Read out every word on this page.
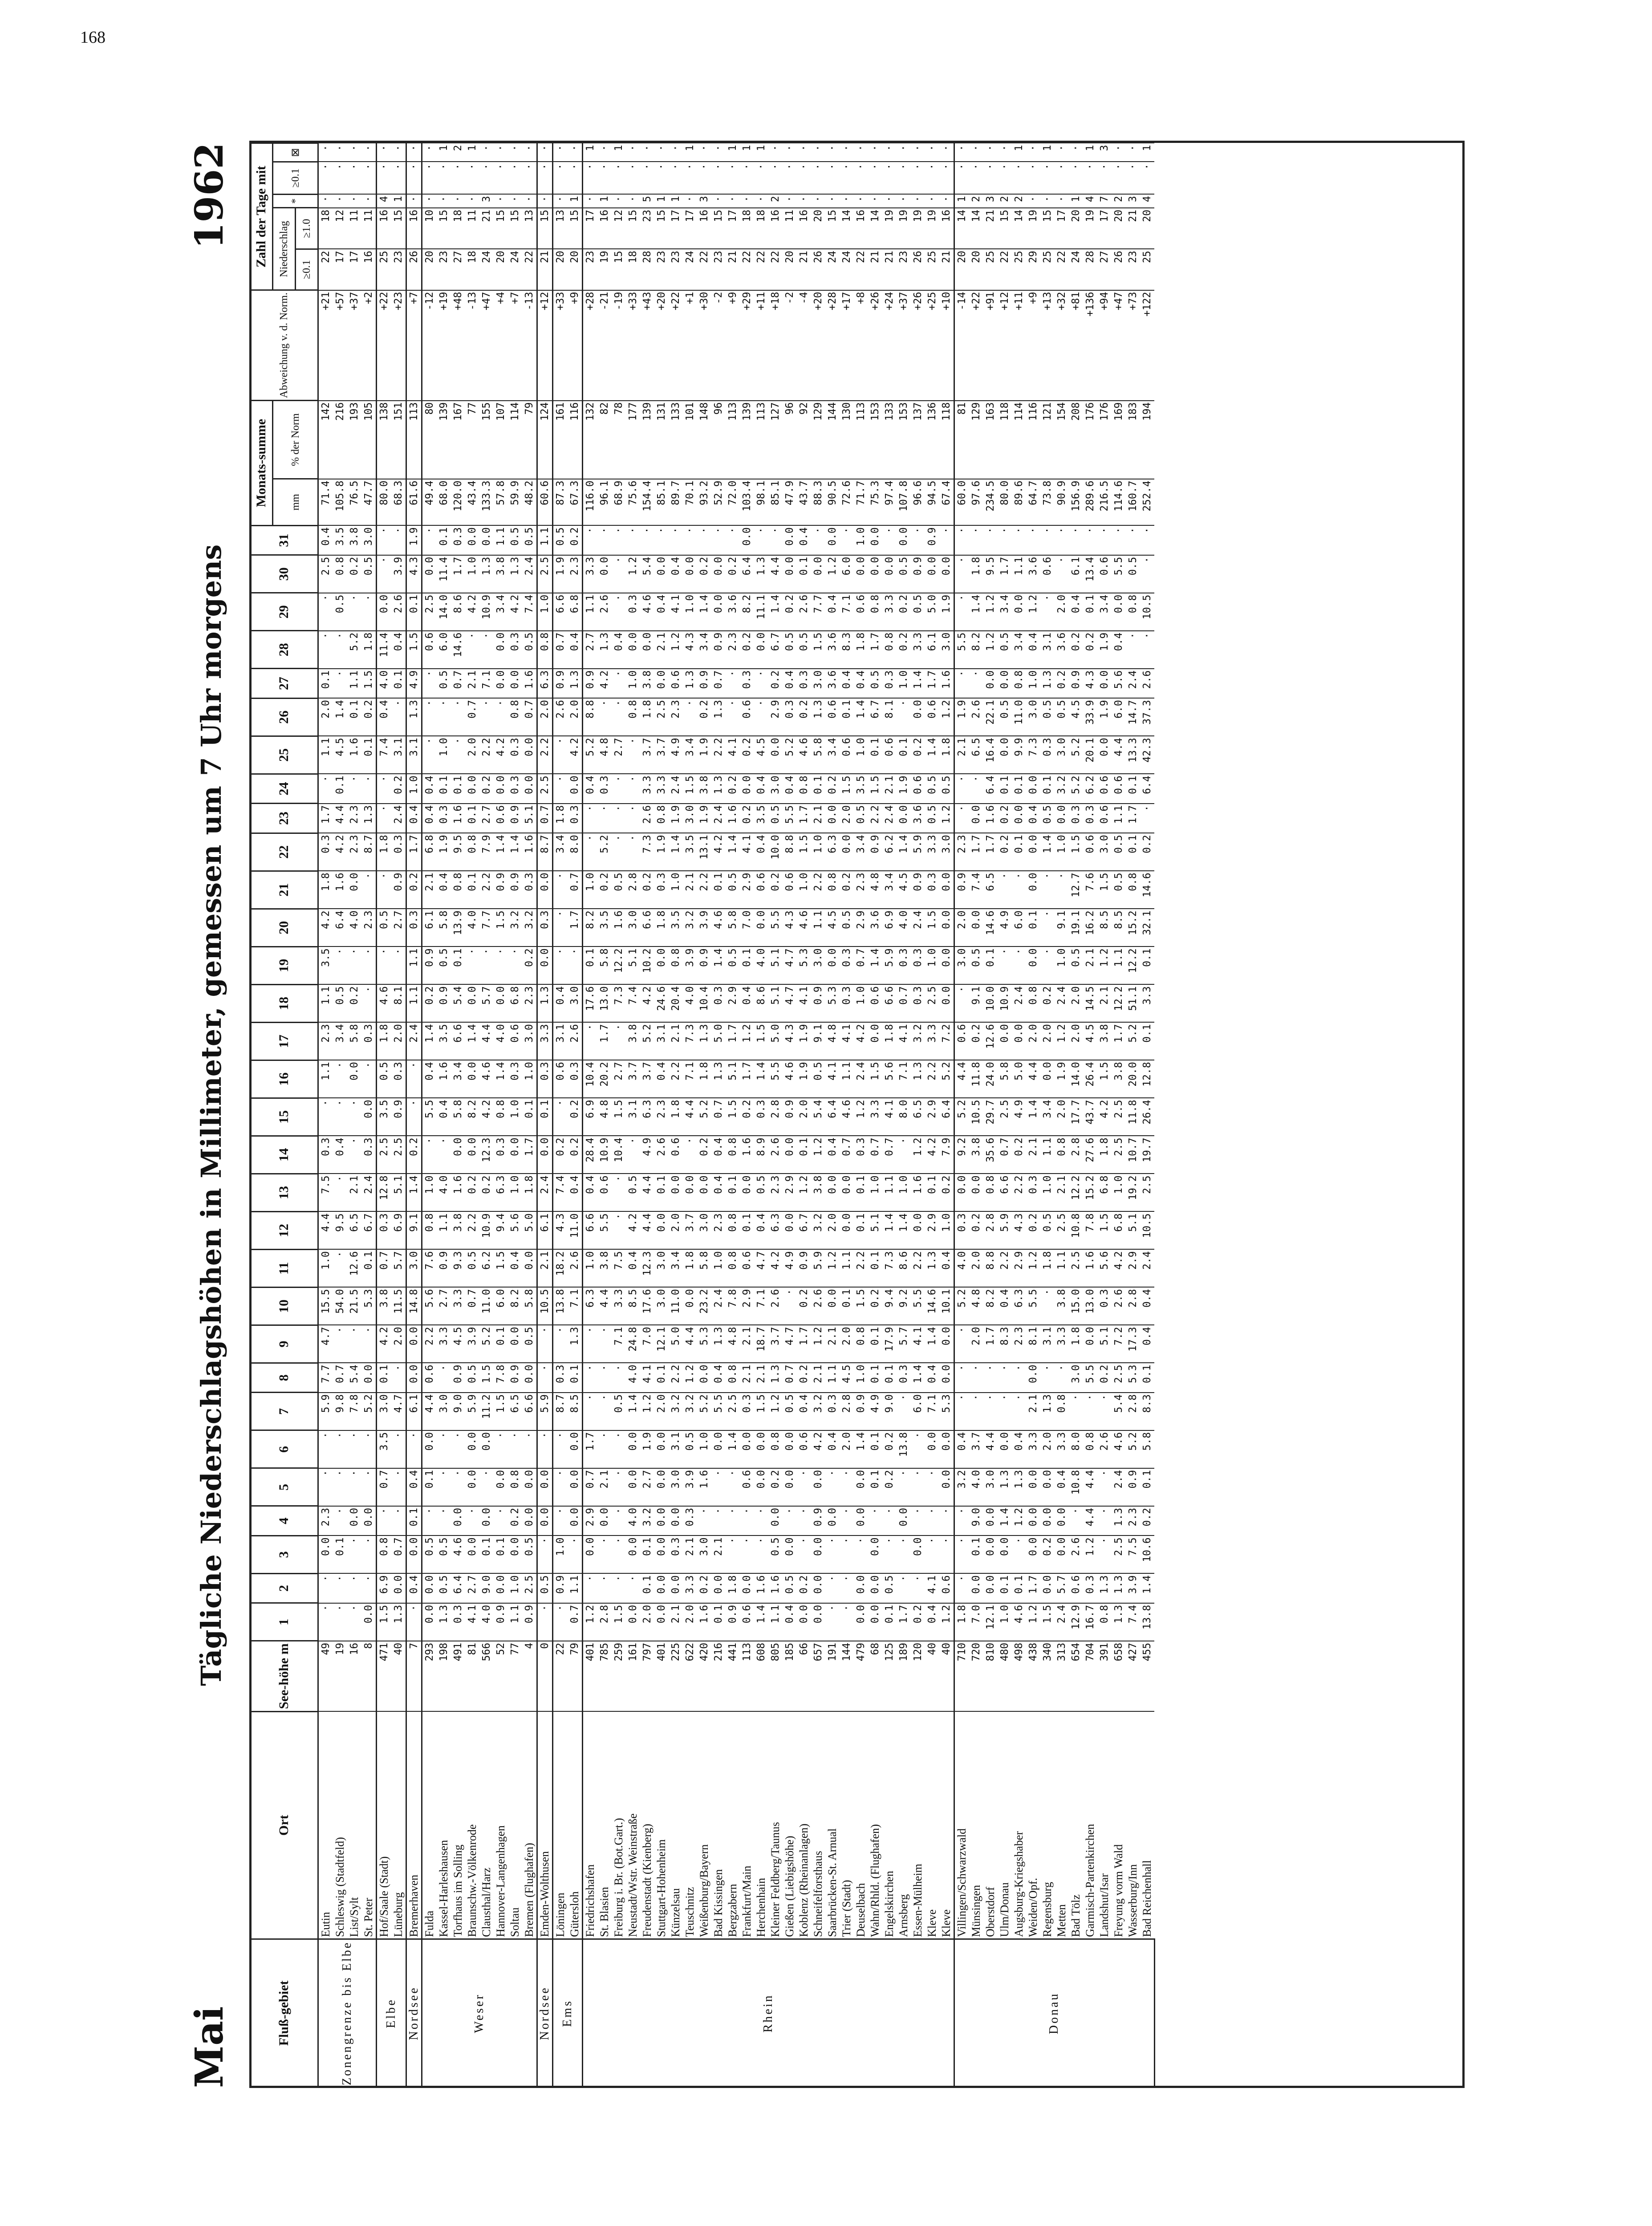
168
Mai
Tägliche Niederschlagshöhen in Millimeter, gemessen um 7 Uhr morgens
1962
Fluß-gebiet	Ort	See-höhe m	1	2	3	4	5	6	7	8	9	10	11	12	13	14	15	16	17	18	19	20	21	22	23	24	25	26	27	28	29	30	31	Monats-summe		Abweichung v. d. Norm.	Zahl der Tage mit				
																																		mm	% der Norm		Niederschlag		*	≥0.1	⊠
																																					≥0.1	≥1.0			
Zonengrenze bis Elbe	Eutin	49	·	·	0.0	2.3	·	·	5.9	7.7	4.7	15.5	1.0	4.4	7.5	0.3	·	1.1	2.3	1.1	3.5	4.2	1.8	0.3	1.7	·	1.1	2.0	0.1	·	·	2.5	0.4	71.4	142	+21	22	18	·	·	·
	Schleswig (Stadtfeld)	19	·	·	0.1	·	·	·	9.8	0.7	·	54.0	·	9.5	·	0.4	·	·	3.4	0.5	·	6.4	1.6	4.2	4.4	0.1	4.5	1.4	·	·	0.5	0.8	3.5	105.8	216	+57	17	12	·	·	·
	List/Sylt	16	·	·	·	0.0	·	·	7.8	5.4	·	21.5	12.6	6.5	2.1	·	·	0.0	5.8	0.2	·	4.0	0.0	2.3	2.3	·	1.6	0.1	1.1	5.2	·	0.2	3.8	76.5	193	+37	17	11	·	·	·
	St. Peter	8	0.0	·	·	0.0	·	·	5.2	0.0	·	5.3	0.1	6.7	2.4	0.3	0.0	·	0.3	·	·	2.3	·	8.7	1.3	·	0.1	0.2	1.5	1.8	·	0.5	3.0	47.7	105	+2	16	11	·	·	·
Elbe	Hof/Saale (Stadt)	471	1.5	6.9	0.8	·	0.7	3.5	3.0	0.1	4.2	3.8	0.7	0.3	12.8	2.5	3.5	0.5	1.8	4.6	·	0.5	·	1.8	·	·	7.4	0.4	4.0	11.4	0.0	·	·	80.0	138	+22	25	16	4	·	·
	Lüneburg	40	1.3	0.0	0.7	·	·	·	4.7	·	2.0	11.5	5.7	6.9	5.1	2.5	0.9	0.3	2.0	8.1	·	2.7	0.9	0.3	2.4	0.2	3.1	·	0.1	0.4	2.6	3.9	·	68.3	151	+23	23	15	1	·	·
Nordsee	Bremerhaven	7	·	0.4	0.0	0.1	0.4	·	6.1	0.0	0.0	14.8	3.0	9.1	1.4	0.2	·	·	2.4	1.1	1.1	0.3	0.2	1.7	0.4	1.0	3.1	1.3	4.9	1.5	0.1	4.3	1.9	61.6	113	+7	26	16	·	·	·
Weser	Fulda	293	0.0	0.0	0.5	·	0.1	0.0	4.4	0.6	2.2	5.6	7.6	0.8	1.0	·	5.5	0.4	1.4	0.2	0.9	6.1	2.1	6.8	0.4	0.4	·	·	·	0.6	2.5	0.0	·	49.4	80	-12	20	10	·	·	·
	Kassel-Harleshausen	198	1.3	0.5	0.5	·	·	·	3.0	·	3.3	2.7	0.9	1.1	4.0	·	0.4	1.6	3.5	0.9	0.5	5.8	0.4	1.9	0.3	0.1	1.0	·	0.5	6.0	14.0	11.4	0.1	68.0	139	+19	23	15	·	·	1
	Torfhaus im Solling	491	0.3	6.4	4.6	0.0	·	·	9.0	0.9	4.5	3.3	9.3	3.8	1.6	0.0	5.8	3.4	6.6	5.4	0.1	13.9	0.8	9.5	1.6	0.1	·	·	0.7	14.6	8.6	1.7	0.3	120.0	167	+48	27	18	·	·	2
	Braunschw.-Völkenrode	81	4.1	2.7	0.0	·	0.0	0.0	5.9	0.5	3.9	0.7	0.5	2.2	0.2	0.0	8.2	0.0	1.4	0.0	·	4.0	0.1	0.8	0.1	0.0	2.0	0.7	2.1	·	4.2	1.0	0.0	43.4	77	-13	18	11	·	·	1
	Clausthal/Harz	566	4.0	9.0	0.1	0.0	·	0.0	11.2	1.5	5.2	11.0	6.2	10.9	0.2	12.3	4.2	4.6	4.4	5.7	·	7.7	2.2	7.9	2.7	0.2	2.2	·	7.1	·	10.9	1.3	0.0	133.3	155	+47	24	21	3	·	·
	Hannover-Langenhagen	52	0.9	0.0	0.1	·	0.0	·	1.5	7.8	0.1	6.0	1.5	9.4	6.3	0.3	0.8	1.4	4.0	0.0	·	1.5	0.9	1.4	0.6	0.0	4.2	·	0.0	0.0	3.4	3.8	1.1	57.8	107	+4	20	15	·	·	·
	Soltau	77	1.1	1.0	0.0	0.2	0.8	·	6.5	0.9	0.0	8.2	0.4	5.6	1.0	0.0	1.0	0.3	0.6	6.8	·	3.2	0.9	1.4	0.9	0.3	0.3	0.8	0.0	0.3	4.2	1.3	0.5	59.9	114	+7	24	15	·	·	·
	Bremen (Flughafen)	4	0.9	2.5	0.5	0.0	0.0	·	6.6	0.0	0.5	5.8	0.0	5.0	1.8	1.7	0.1	1.0	3.0	2.3	0.2	3.2	0.3	1.6	5.1	0.0	0.0	0.7	1.6	0.5	7.4	2.4	0.5	48.2	79	-13	22	13	·	·	·
Nordsee	Emden-Wolthusen	0	·	0.5	·	0.0	0.0	·	5.9	·	·	10.5	2.1	6.1	2.4	0.0	0.1	0.3	3.3	1.3	0.0	0.3	0.0	8.7	0.7	2.5	2.2	2.0	6.3	0.8	1.0	2.5	1.1	60.6	124	+12	21	15	·	·	·
Ems	Löningen	22	·	0.9	1.0	·	·	·	8.7	0.3	·	13.8	18.2	4.3	7.4	0.2	·	0.6	3.1	0.4	·	·	·	3.4	1.8	·	·	2.6	0.9	0.7	6.6	1.9	0.5	87.3	161	+33	20	13	·	·	·
	Gütersloh	79	0.7	1.1	·	0.0	0.0	0.0	8.5	0.1	1.3	7.1	2.6	11.0	0.4	0.2	0.2	0.3	2.6	3.0	·	1.7	0.7	8.0	0.3	0.0	4.2	2.0	1.3	0.4	6.8	2.3	0.2	67.3	116	+9	20	15	1	·	·
Rhein	Friedrichshafen	401	1.2	·	0.0	2.9	0.7	1.7	·	·	·	6.3	1.0	6.6	0.4	28.4	6.9	10.4	·	17.6	0.1	8.2	1.0	·	·	0.4	5.2	8.8	0.9	2.7	1.1	3.3	·	116.0	132	+28	23	17	·	·	1
	St. Blasien	785	2.8	·	·	0.0	2.1	·	·	·	·	4.4	3.8	5.5	0.6	10.9	4.8	20.2	1.7	13.0	5.8	3.5	0.2	5.2	·	0.3	4.8	·	4.2	1.3	2.6	0.0	·	96.1	82	-21	19	16	1	·	·
	Freiburg i. Br. (Bot.Gart.)	259	1.5	·	·	·	·	·	0.5	·	7.1	3.3	7.5	·	·	10.4	1.5	2.7	·	7.3	12.2	1.6	0.5	·	·	·	2.7	·	·	0.4	·	·	·	68.9	78	-19	15	12	·	·	1
	Neustadt/Wstr. Weinstraße	161	0.0	·	0.0	4.0	0.0	0.0	1.4	4.0	24.8	8.5	0.4	4.2	0.5	·	3.1	3.7	3.8	7.4	5.1	3.0	2.8	·	·	·	·	0.8	1.0	0.0	0.3	1.2	·	75.6	177	+33	18	15	·	·	·
	Freudenstadt (Kienberg)	797	2.0	0.1	0.1	3.2	2.7	1.9	1.2	4.1	7.0	17.6	12.3	4.4	4.4	4.9	6.3	3.7	5.2	4.2	10.2	6.6	0.2	7.3	2.6	3.3	3.7	1.8	3.8	0.0	4.6	5.4	·	154.4	139	+43	28	23	5	·	·
	Stuttgart-Hohenheim	401	0.0	0.0	0.0	0.0	0.0	0.0	2.0	0.1	12.1	3.0	3.0	0.0	0.1	2.6	2.3	0.4	3.1	24.6	0.0	1.8	0.3	1.9	0.8	3.3	3.7	2.5	0.0	2.1	0.4	0.0	·	85.1	131	+20	23	15	1	·	·
	Künzelsau	225	2.1	0.0	0.3	0.0	3.0	3.1	3.2	2.2	5.0	11.0	3.4	2.0	0.0	0.6	1.8	2.2	2.1	20.4	0.8	3.5	1.0	1.4	1.9	2.4	4.9	2.3	0.6	1.2	4.1	0.4	·	89.7	133	+22	23	17	1	·	·
	Teuschnitz	622	2.0	3.3	2.1	0.3	3.9	0.5	3.2	1.2	4.4	0.0	1.8	3.7	0.0	·	4.4	7.1	7.3	4.0	3.9	3.2	2.1	3.5	3.0	1.5	3.4	·	1.3	4.3	1.0	0.0	·	70.1	101	+1	24	17	·	·	1
	Weißenburg/Bayern	420	1.6	0.2	3.0	·	1.6	1.0	5.2	0.0	5.3	23.2	5.8	3.0	0.0	0.2	5.2	1.8	1.3	10.4	0.9	3.9	2.2	13.1	1.9	3.8	1.9	0.2	0.9	3.4	1.4	0.2	·	93.2	148	+30	22	16	3	·	·
	Bad Kissingen	216	0.1	0.0	2.1	·	·	0.0	5.5	0.4	1.3	2.4	1.0	2.3	0.4	0.4	0.7	1.3	5.0	0.3	1.4	4.6	0.1	4.2	2.4	1.3	2.2	1.3	0.7	0.9	0.0	0.0	·	52.9	96	-2	23	15	·	·	·
	Bergzabern	441	0.9	1.8	·	·	·	1.4	2.5	0.8	4.8	7.8	0.8	0.8	0.1	0.8	1.5	5.1	1.7	2.9	0.5	5.8	0.5	1.4	1.6	0.2	4.1	·	·	2.3	3.6	0.2	·	72.0	113	+9	21	17	·	·	1
	Frankfurt/Main	113	0.6	0.0	·	·	0.6	0.0	0.3	2.1	2.1	2.9	0.6	0.1	0.0	1.6	0.2	1.7	1.2	0.4	0.1	7.0	2.9	4.1	0.2	0.0	0.2	0.6	0.3	0.2	8.2	6.4	0.0	103.4	139	+29	22	18	·	·	1
	Herchenhain	608	1.4	1.6	·	·	0.0	0.0	1.5	2.1	18.7	7.1	4.7	0.4	0.5	8.9	0.3	1.4	1.5	8.6	4.0	0.0	0.6	0.4	3.5	0.4	4.5	·	·	0.0	11.1	1.3	·	98.1	113	+11	22	18	·	·	1
	Kleiner Feldberg/Taunus	805	1.1	1.6	0.5	0.0	0.2	0.8	1.2	1.3	3.7	2.6	4.2	6.3	2.3	2.6	2.8	5.5	5.0	5.1	5.1	5.5	0.2	10.0	0.5	3.0	0.0	2.9	0.2	6.7	1.4	4.4	·	85.1	127	+18	22	16	2	·	·
	Gießen (Liebigshöhe)	185	0.4	0.5	0.0	·	0.0	0.0	0.5	0.7	4.7	·	4.9	0.0	2.9	0.0	0.9	4.6	4.3	4.7	4.7	4.3	0.6	8.8	5.5	0.4	5.2	0.3	0.4	0.5	0.2	0.0	0.0	47.9	96	-2	20	11	·	·	·
	Koblenz (Rheinanlagen)	66	0.0	0.2	·	·	·	0.6	0.4	0.2	1.7	0.2	0.9	6.7	1.2	0.1	2.0	1.9	1.9	4.1	5.3	4.6	1.0	1.5	1.7	0.8	4.6	0.2	0.3	0.5	2.6	0.1	0.4	43.7	92	-4	21	16	·	·	·
	Schneifelforsthaus	657	0.0	0.0	0.0	0.9	0.0	4.2	3.2	2.1	1.2	2.6	5.9	3.2	3.8	1.2	5.4	0.5	9.1	0.9	3.0	1.1	2.2	1.0	2.1	0.1	5.8	1.3	3.0	1.5	7.7	0.0	·	88.3	129	+20	26	20	·	·	·
	Saarbrücken-St. Arnual	191	·	·	·	0.0	·	0.4	0.3	1.1	2.1	0.0	1.2	2.0	0.0	0.4	6.4	4.1	4.8	5.3	0.0	4.5	0.8	6.3	0.0	0.2	3.4	0.6	3.6	3.6	0.4	1.2	0.0	90.5	144	+28	24	15	·	·	·
	Trier (Stadt)	144	·	·	·	·	·	2.0	2.8	4.5	2.0	0.1	1.1	0.0	0.0	0.7	4.6	1.1	4.1	0.3	0.3	0.5	0.2	0.0	2.0	1.5	0.6	0.1	0.4	8.3	7.1	6.0	·	72.6	130	+17	24	14	·	·	·
	Deuselbach	479	0.0	0.0	·	0.0	0.0	1.4	0.9	1.0	0.8	1.5	2.2	0.1	0.1	0.3	1.2	2.4	4.2	1.0	0.7	2.9	2.3	3.4	0.5	3.5	1.0	1.4	0.4	1.8	0.6	0.0	1.0	71.7	113	+8	22	16	·	·	·
	Wahn/Rhld. (Flughafen)	68	0.0	0.0	0.0	·	0.1	0.1	4.9	0.1	0.1	0.2	0.1	5.1	1.0	0.7	3.3	1.5	0.0	0.6	1.4	3.6	4.8	0.9	2.2	1.5	0.1	6.7	0.5	1.7	0.8	0.0	0.0	75.3	153	+26	21	14	·	·	·
	Engelskirchen	125	0.1	0.5	·	·	0.2	0.2	9.0	0.1	17.9	9.4	7.3	1.4	1.1	0.7	4.1	5.6	1.8	6.6	5.9	6.9	3.4	6.2	2.4	2.1	0.6	8.1	0.3	0.8	3.3	0.0	·	97.4	133	+24	21	19	·	·	·
	Arnsberg	189	1.7	·	·	0.0	·	13.8	·	0.3	5.7	9.2	8.6	1.4	1.0	·	8.0	7.1	4.1	0.7	0.3	4.0	4.5	1.4	0.0	1.9	0.1	·	1.0	0.2	0.2	0.5	0.0	107.8	153	+37	23	19	·	·	·
	Essen-Mülheim	120	0.2	·	0.0	·	·	·	6.0	1.4	4.1	5.5	2.2	0.0	1.6	1.2	6.5	1.3	3.2	0.3	0.3	2.4	0.9	5.9	3.6	0.6	0.2	0.0	1.4	3.3	0.5	0.9	·	96.6	137	+26	26	19	·	·	·
	Kleve	40	0.4	4.1	·	·	·	0.0	7.1	0.4	1.4	14.6	1.3	2.9	0.1	4.2	2.9	2.2	3.3	2.5	1.0	1.5	0.3	3.3	0.5	0.5	1.4	0.6	1.7	6.1	5.0	0.0	0.9	94.5	136	+25	25	19	·	·	·
	Kleve	40	1.2	0.6	·	·	0.0	0.0	5.3	0.0	0.0	10.1	0.4	1.0	0.2	7.9	6.4	5.2	7.2	0.0	0.0	0.0	0.0	3.0	1.2	0.5	1.8	1.2	1.6	3.0	1.9	0.0	·	67.4	118	+10	21	16	·	·	·
Donau	Villingen/Schwarzwald	710	1.8	·	·	·	3.2	0.4	·	·	·	5.2	4.0	0.3	0.0	9.2	5.2	4.4	0.6	·	3.0	2.0	0.9	2.3	·	·	2.1	1.9	·	5.5	·	·	·	60.0	81	-14	20	14	1	·	·
	Münsingen	720	7.0	0.0	0.1	9.0	4.0	3.7	·	·	2.0	4.8	2.0	0.2	0.0	3.8	10.5	11.8	0.2	9.1	0.5	0.0	7.4	1.7	0.0	·	6.5	2.6	·	8.2	1.4	1.8	·	97.6	129	+22	20	14	2	·	·
	Oberstdorf	810	12.1	0.0	0.0	0.0	3.0	4.4	·	·	1.7	8.2	8.8	2.8	0.8	35.6	29.7	24.0	12.6	10.0	0.1	14.6	6.5	1.7	1.6	6.4	16.4	22.1	0.0	1.2	1.2	9.5	·	234.5	163	+91	25	21	3	·	·
	Ulm/Donau	480	1.0	0.1	0.0	1.4	1.3	0.0	·	·	8.3	0.4	2.2	5.9	6.6	0.7	2.5	5.8	0.0	10.9	·	4.9	·	0.2	0.2	0.1	0.0	0.5	0.0	0.5	3.4	1.7	·	80.0	118	+12	22	15	2	·	·
	Augsburg-Kriegshaber	498	4.6	0.1	·	1.2	1.3	0.4	·	·	2.3	6.3	2.9	4.3	2.2	0.2	4.9	5.0	0.0	2.4	·	6.0	·	0.1	0.0	0.1	9.9	11.0	0.8	3.4	0.0	1.1	·	89.6	114	+11	25	14	2	·	1
	Weiden/Opf.	438	1.2	1.7	0.0	0.0	0.0	3.3	2.1	0.0	8.1	5.5	1.2	0.2	0.3	2.1	1.4	4.4	2.0	0.8	0.0	0.1	0.0	0.0	0.4	0.0	7.3	3.0	1.0	0.4	1.2	3.6	·	64.7	116	+9	29	19	·	·	·
	Regensburg	340	1.5	0.0	0.2	0.0	0.0	2.0	1.3	·	3.1	·	1.8	0.5	1.0	1.1	3.4	0.0	2.0	0.2	·	·	·	1.4	0.5	0.1	0.3	0.5	1.3	3.1	·	0.6	·	73.8	121	+13	25	15	·	·	1
	Metten	313	2.4	5.7	0.0	0.0	0.4	3.3	0.8	·	3.3	3.8	1.1	2.5	2.1	0.8	2.0	1.9	1.2	2.4	1.0	9.1	·	1.0	0.0	3.2	3.0	0.5	0.2	3.6	2.0	·	·	90.9	154	+32	22	17	·	·	·
	Bad Tölz	654	12.9	0.6	2.6	·	10.8	8.0	·	3.0	1.8	15.0	2.5	10.8	12.2	2.8	17.7	14.0	2.0	2.0	0.5	19.1	12.7	1.5	0.3	5.2	5.2	4.5	0.9	0.2	0.4	6.1	·	156.9	208	+81	24	20	1	·	·
	Garmisch-Partenkirchen	704	16.7	0.3	1.2	4.4	4.4	0.8	·	5.5	0.0	13.0	1.6	7.8	15.2	27.6	43.7	26.4	4.5	14.5	2.1	16.2	7.6	0.6	0.3	6.2	20.1	33.9	4.3	0.2	0.1	13.4	·	289.6	176	+136	28	19	4	·	1
	Landshut/Isar	391	0.8	1.3	·	·	·	2.6	·	0.2	5.1	0.3	5.6	1.5	6.8	1.8	4.2	1.5	3.8	2.1	1.2	8.5	1.5	3.0	0.6	0.6	0.0	1.9	0.0	1.9	3.4	0.6	·	216.5	176	+94	27	17	7	·	3
	Freyung vorm Wald	658	1.3	1.3	2.5	1.3	2.4	4.6	5.4	2.5	7.2	2.6	4.2	6.8	1.0	2.5	2.5	3.8	1.7	12.2	1.1	8.5	0.5	0.5	1.1	0.6	4.4	6.0	5.6	0.4	0.0	5.5	·	114.6	169	+47	26	20	2	·	·
	Wasserburg/Inn	427	7.4	3.9	7.5	2.3	0.9	5.2	2.8	5.3	17.3	2.8	2.9	5.1	19.2	10.7	11.8	20.0	5.2	51.1	12.2	15.2	0.8	0.1	1.7	0.1	13.3	14.7	2.4	·	0.8	0.5	·	160.7	183	+73	23	21	3	·	·
	Bad Reichenhall	455	13.8	1.4	10.6	0.2	0.1	5.8	8.3	0.1	0.4	0.4	2.4	10.5	2.5	19.7	26.4	12.8	0.1	3.3	0.1	32.1	14.6	0.2	·	6.4	42.3	37.3	2.6	·	10.5	·	·	252.4	194	+122	25	20	4	·	1
